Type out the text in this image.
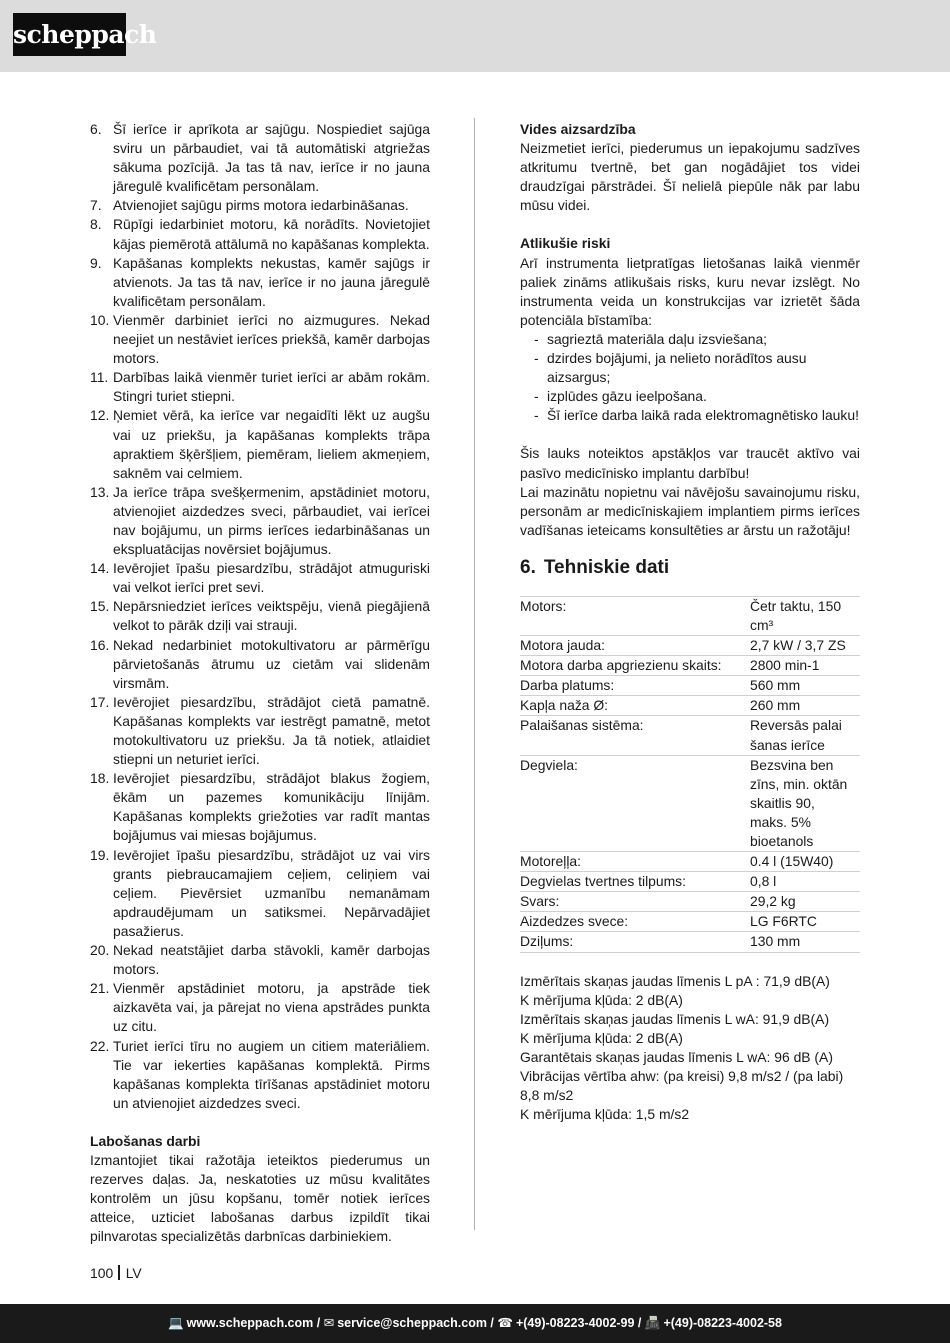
scheppach
6. Šī ierīce ir aprīkota ar sajūgu. Nospiediet sajūga sviru un pārbaudiet, vai tā automātiski atgriežas sākuma pozīcijā. Ja tas tā nav, ierīce ir no jauna jāregulē kvalificētam personālam.
7. Atvienojiet sajūgu pirms motora iedarbināšanas.
8. Rūpīgi iedarbiniet motoru, kā norādīts. Novietojiet kājas piemērotā attālumā no kapāšanas komplekta.
9. Kapāšanas komplekts nekustas, kamēr sajūgs ir atvienots. Ja tas tā nav, ierīce ir no jauna jāregulē kvalificētam personālam.
10. Vienmēr darbiniet ierīci no aizmugures. Nekad neejiet un nestāviet ierīces priekšā, kamēr darbojas motors.
11. Darbības laikā vienmēr turiet ierīci ar abām rokām. Stingri turiet stiepni.
12. Ņemiet vērā, ka ierīce var negaidīti lēkt uz augšu vai uz priekšu, ja kapāšanas komplekts trāpa apraktiem šķēršļiem, piemēram, lieliem akmeņiem, saknēm vai celmiem.
13. Ja ierīce trāpa svešķermenim, apstādiniet motoru, atvienojiet aizdedzes sveci, pārbaudiet, vai ierīcei nav bojājumu, un pirms ierīces iedarbināšanas un ekspluatācijas novērsiet bojājumus.
14. Ievērojiet īpašu piesardzību, strādājot atmuguriski vai velkot ierīci pret sevi.
15. Nepārsniedziet ierīces veiktspēju, vienā piegājienā velkot to pārāk dziļi vai strauji.
16. Nekad nedarbiniet motokultivatoru ar pārmērīgu pārvietošanās ātrumu uz cietām vai slidenām virsmām.
17. Ievērojiet piesardzību, strādājot cietā pamatnē. Kapāšanas komplekts var iestrēgt pamatnē, metot motokultivatoru uz priekšu. Ja tā notiek, atlaidiet stiepni un neturiet ierīci.
18. Ievērojiet piesardzību, strādājot blakus žogiem, ēkām un pazemes komunikāciju līnijām. Kapāšanas komplekts griežoties var radīt mantas bojājumus vai miesas bojājumus.
19. Ievērojiet īpašu piesardzību, strādājot uz vai virs grants piebraucamajiem ceļiem, celiņiem vai ceļiem. Pievērsiet uzmanību nemanāmam apdraudējumam un satiksmei. Nepārvadājiet pasažierus.
20. Nekad neatstājiet darba stāvokli, kamēr darbojas motors.
21. Vienmēr apstādiniet motoru, ja apstrāde tiek aizkavēta vai, ja pārejat no viena apstrādes punkta uz citu.
22. Turiet ierīci tīru no augiem un citiem materiāliem. Tie var iekerties kapāšanas komplektā. Pirms kapāšanas komplekta tīrīšanas apstādiniet motoru un atvienojiet aizdedzes sveci.
Labošanas darbi
Izmantojiet tikai ražotāja ieteiktos piederumus un rezerves daļas. Ja, neskatoties uz mūsu kvalitātes kontrolēm un jūsu kopšanu, tomēr notiek ierīces atteice, uzticiet labošanas darbus izpildīt tikai pilnvarotas specializētās darbnīcas darbiniekiem.
Vides aizsardzība
Neizmetiet ierīci, piederumus un iepakojumu sadzīves atkritumu tvertnē, bet gan nogādājiet tos videi draudzīgai pārstrādei. Šī nelielā piepūle nāk par labu mūsu videi.
Atlikušie riski
Arī instrumenta lietpratīgas lietošanas laikā vienmēr paliek zināms atlikušais risks, kuru nevar izslēgt. No instrumenta veida un konstrukcijas var izrietēt šāda potenciāla bīstamība:
- sagrieztā materiāla daļu izsviešana;
- dzirdes bojājumi, ja nelieto norādītos ausu aizsargus;
- izplūdes gāzu ieelpošana.
- Šī ierīce darba laikā rada elektromagnētisko lauku!
Šis lauks noteiktos apstākļos var traucēt aktīvo vai pasīvo medicīnisko implantu darbību!
Lai mazinātu nopietnu vai nāvējošu savainojumu risku, personām ar medicīniskajiem implantiem pirms ierīces vadīšanas ieteicams konsultēties ar ārstu un ražotāju!
6. Tehniskie dati
Motors:	Četr taktu, 150 cm³
Motora jauda:	2,7 kW / 3,7 ZS
Motora darba apgriezienu skaits:	2800 min-1
Darba platums:	560 mm
Kapļa naža Ø:	260 mm
Palaišanas sistēma:	Reversās palai šanas ierīce
Degviela:	Bezsvina ben zīns, min. oktān skaitlis 90, maks. 5% bioetanols
Motoreļļa:	0.4 l (15W40)
Degvielas tvertnes tilpums:	0,8 l
Svars:	29,2 kg
Aizdedzes svece:	LG F6RTC
Dziļums:	130 mm
Izmērītais skaņas jaudas līmenis L pA : 71,9 dB(A)
K mērījuma kļūda: 2 dB(A)
Izmērītais skaņas jaudas līmenis L wA: 91,9 dB(A)
K mērījuma kļūda: 2 dB(A)
Garantētais skaņas jaudas līmenis L wA: 96 dB (A)
Vibrācijas vērtība ahw: (pa kreisi) 9,8 m/s2 / (pa labi) 8,8 m/s2
K mērījuma kļūda: 1,5 m/s2
100 LV
💻 www.scheppach.com / ✉ service@scheppach.com / ☎ +(49)-08223-4002-99 / 📠 +(49)-08223-4002-58
